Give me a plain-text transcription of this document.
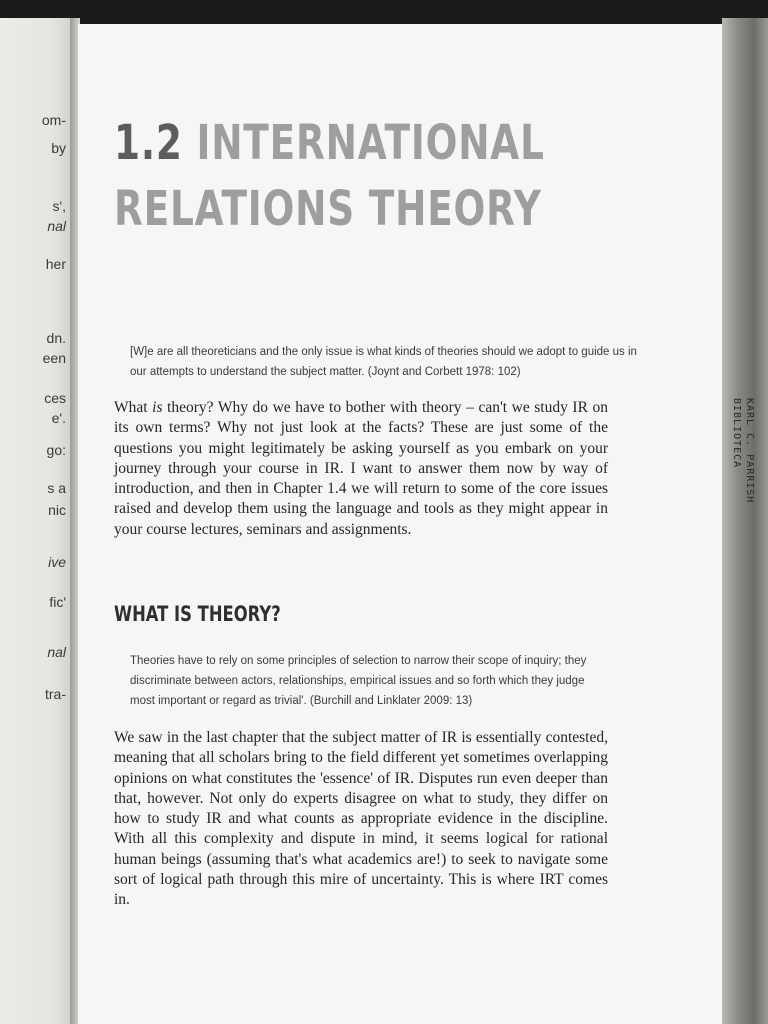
om-
by
s',
nal
her
dn.
een
ces
e'.
go:
s a
nic
ive
fic'
nal
tra-
1.2 INTERNATIONAL
RELATIONS THEORY
[W]e are all theoreticians and the only issue is what kinds of theories should we adopt to guide us in our attempts to understand the subject matter. (Joynt and Corbett 1978: 102)

What is theory? Why do we have to bother with theory – can't we study IR on its own terms? Why not just look at the facts? These are just some of the questions you might legitimately be asking yourself as you embark on your journey through your course in IR. I want to answer them now by way of introduction, and then in Chapter 1.4 we will return to some of the core issues raised and develop them using the language and tools as they might appear in your course lectures, seminars and assignments.

WHAT IS THEORY?
Theories have to rely on some principles of selection to narrow their scope of inquiry; they discriminate between actors, relationships, empirical issues and so forth which they judge most important or regard as trivial'. (Burchill and Linklater 2009: 13)

We saw in the last chapter that the subject matter of IR is essentially contested, meaning that all scholars bring to the field different yet sometimes overlapping opinions on what constitutes the 'essence' of IR. Disputes run even deeper than that, however. Not only do experts disagree on what to study, they differ on how to study IR and what counts as appropriate evidence in the discipline. With all this complexity and dispute in mind, it seems logical for rational human beings (assuming that's what academics are!) to seek to navigate some sort of logical path through this mire of uncertainty. This is where IRT comes in.

KARL C. PARRISH
BIBLIOTECA
